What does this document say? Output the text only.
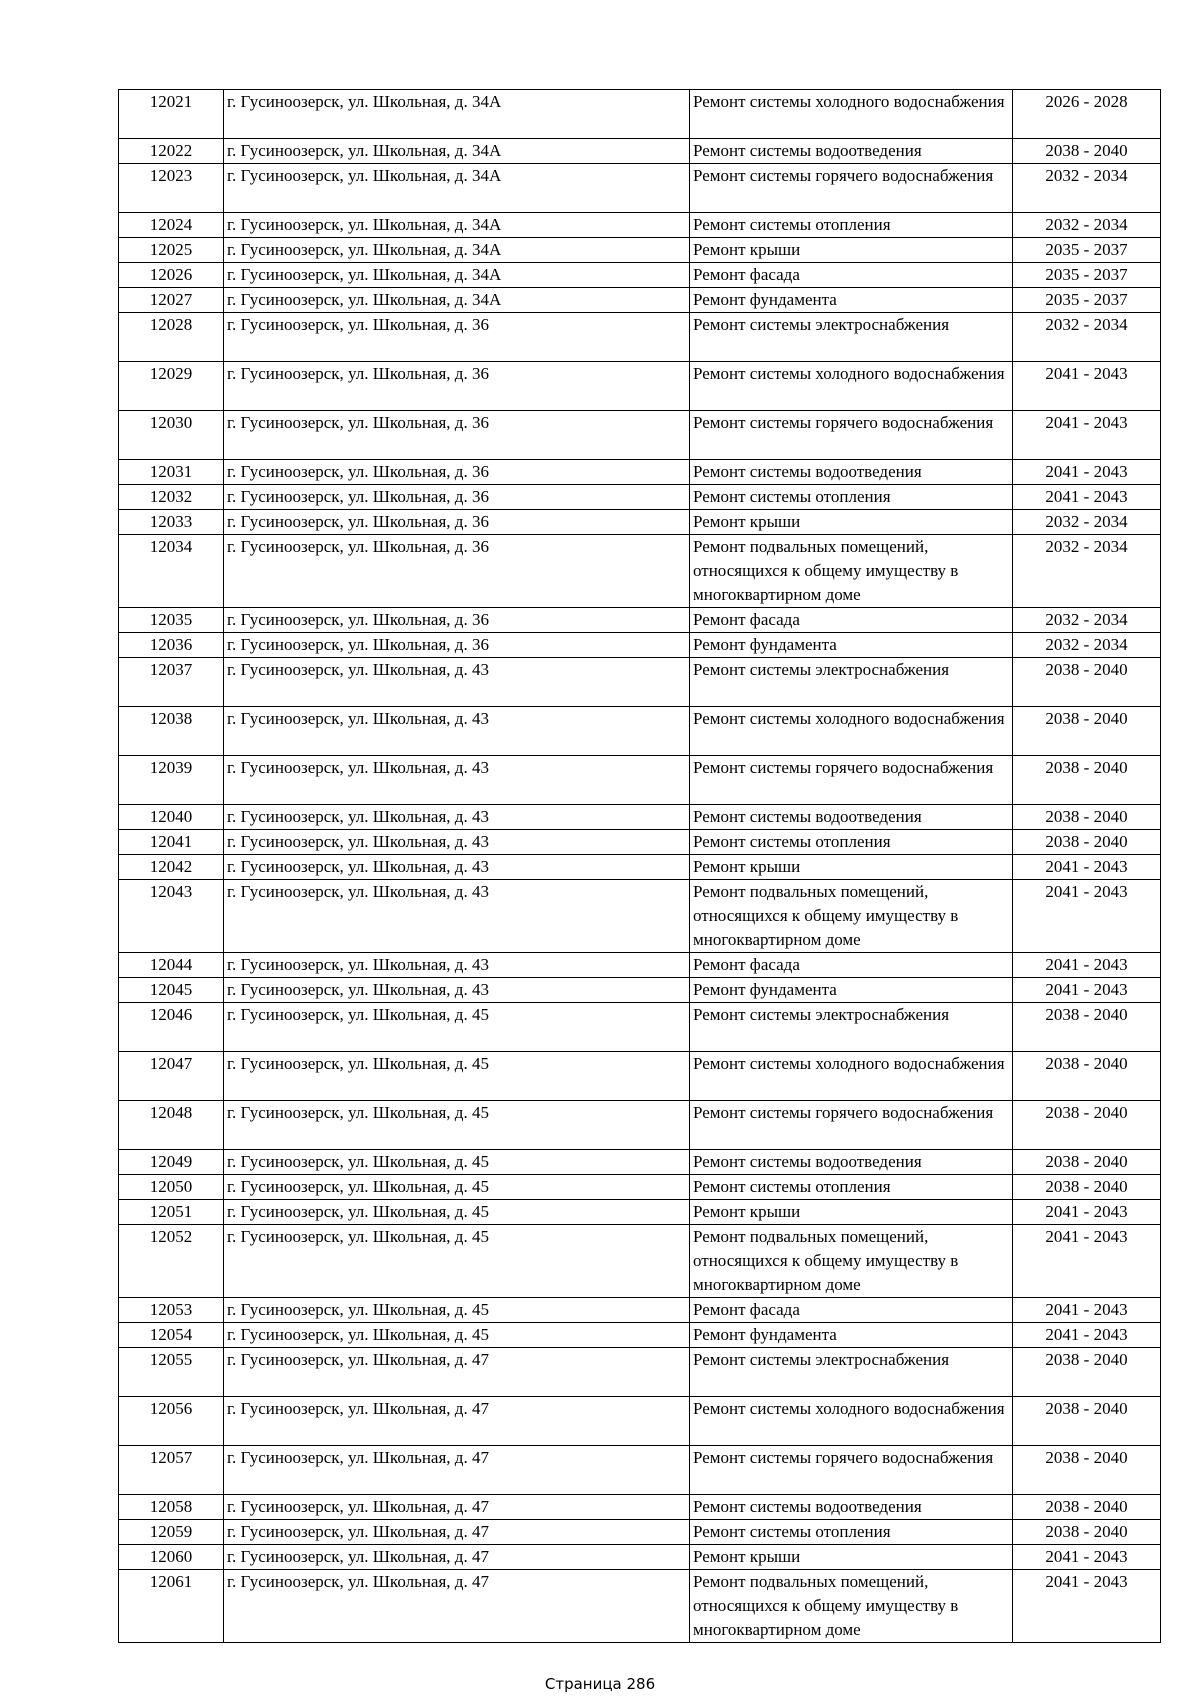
12021	г. Гусиноозерск, ул. Школьная, д. 34А	Ремонт системы холодного водоснабжения	2026 - 2028
12022	г. Гусиноозерск, ул. Школьная, д. 34А	Ремонт системы водоотведения	2038 - 2040
12023	г. Гусиноозерск, ул. Школьная, д. 34А	Ремонт системы горячего водоснабжения	2032 - 2034
12024	г. Гусиноозерск, ул. Школьная, д. 34А	Ремонт системы отопления	2032 - 2034
12025	г. Гусиноозерск, ул. Школьная, д. 34А	Ремонт крыши	2035 - 2037
12026	г. Гусиноозерск, ул. Школьная, д. 34А	Ремонт фасада	2035 - 2037
12027	г. Гусиноозерск, ул. Школьная, д. 34А	Ремонт фундамента	2035 - 2037
12028	г. Гусиноозерск, ул. Школьная, д. 36	Ремонт системы электроснабжения	2032 - 2034
12029	г. Гусиноозерск, ул. Школьная, д. 36	Ремонт системы холодного водоснабжения	2041 - 2043
12030	г. Гусиноозерск, ул. Школьная, д. 36	Ремонт системы горячего водоснабжения	2041 - 2043
12031	г. Гусиноозерск, ул. Школьная, д. 36	Ремонт системы водоотведения	2041 - 2043
12032	г. Гусиноозерск, ул. Школьная, д. 36	Ремонт системы отопления	2041 - 2043
12033	г. Гусиноозерск, ул. Школьная, д. 36	Ремонт крыши	2032 - 2034
12034	г. Гусиноозерск, ул. Школьная, д. 36	Ремонт подвальных помещений, относящихся к общему имуществу в многоквартирном доме	2032 - 2034
12035	г. Гусиноозерск, ул. Школьная, д. 36	Ремонт фасада	2032 - 2034
12036	г. Гусиноозерск, ул. Школьная, д. 36	Ремонт фундамента	2032 - 2034
12037	г. Гусиноозерск, ул. Школьная, д. 43	Ремонт системы электроснабжения	2038 - 2040
12038	г. Гусиноозерск, ул. Школьная, д. 43	Ремонт системы холодного водоснабжения	2038 - 2040
12039	г. Гусиноозерск, ул. Школьная, д. 43	Ремонт системы горячего водоснабжения	2038 - 2040
12040	г. Гусиноозерск, ул. Школьная, д. 43	Ремонт системы водоотведения	2038 - 2040
12041	г. Гусиноозерск, ул. Школьная, д. 43	Ремонт системы отопления	2038 - 2040
12042	г. Гусиноозерск, ул. Школьная, д. 43	Ремонт крыши	2041 - 2043
12043	г. Гусиноозерск, ул. Школьная, д. 43	Ремонт подвальных помещений, относящихся к общему имуществу в многоквартирном доме	2041 - 2043
12044	г. Гусиноозерск, ул. Школьная, д. 43	Ремонт фасада	2041 - 2043
12045	г. Гусиноозерск, ул. Школьная, д. 43	Ремонт фундамента	2041 - 2043
12046	г. Гусиноозерск, ул. Школьная, д. 45	Ремонт системы электроснабжения	2038 - 2040
12047	г. Гусиноозерск, ул. Школьная, д. 45	Ремонт системы холодного водоснабжения	2038 - 2040
12048	г. Гусиноозерск, ул. Школьная, д. 45	Ремонт системы горячего водоснабжения	2038 - 2040
12049	г. Гусиноозерск, ул. Школьная, д. 45	Ремонт системы водоотведения	2038 - 2040
12050	г. Гусиноозерск, ул. Школьная, д. 45	Ремонт системы отопления	2038 - 2040
12051	г. Гусиноозерск, ул. Школьная, д. 45	Ремонт крыши	2041 - 2043
12052	г. Гусиноозерск, ул. Школьная, д. 45	Ремонт подвальных помещений, относящихся к общему имуществу в многоквартирном доме	2041 - 2043
12053	г. Гусиноозерск, ул. Школьная, д. 45	Ремонт фасада	2041 - 2043
12054	г. Гусиноозерск, ул. Школьная, д. 45	Ремонт фундамента	2041 - 2043
12055	г. Гусиноозерск, ул. Школьная, д. 47	Ремонт системы электроснабжения	2038 - 2040
12056	г. Гусиноозерск, ул. Школьная, д. 47	Ремонт системы холодного водоснабжения	2038 - 2040
12057	г. Гусиноозерск, ул. Школьная, д. 47	Ремонт системы горячего водоснабжения	2038 - 2040
12058	г. Гусиноозерск, ул. Школьная, д. 47	Ремонт системы водоотведения	2038 - 2040
12059	г. Гусиноозерск, ул. Школьная, д. 47	Ремонт системы отопления	2038 - 2040
12060	г. Гусиноозерск, ул. Школьная, д. 47	Ремонт крыши	2041 - 2043
12061	г. Гусиноозерск, ул. Школьная, д. 47	Ремонт подвальных помещений, относящихся к общему имуществу в многоквартирном доме	2041 - 2043
Страница 286
